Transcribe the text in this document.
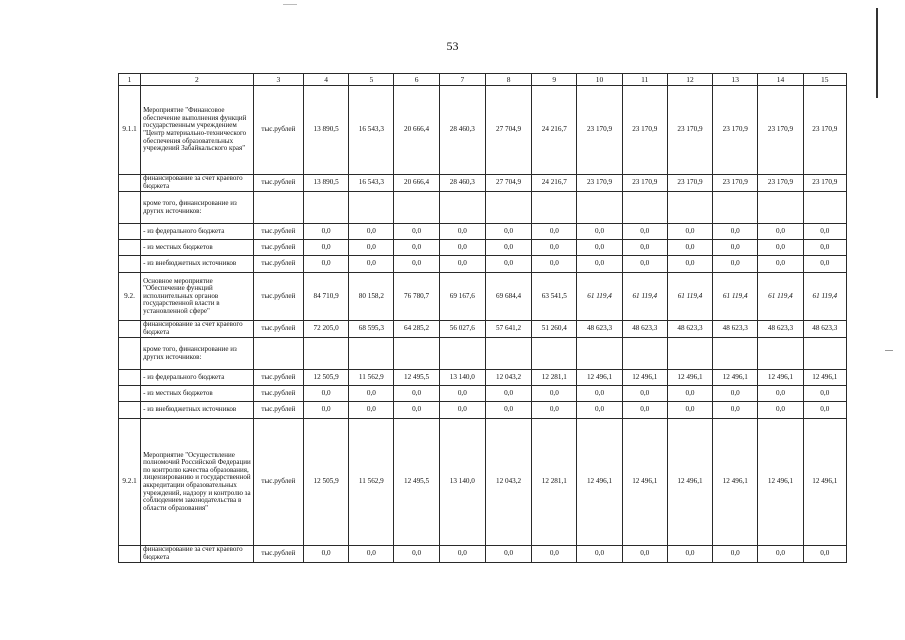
53
1	2	3	4	5	6	7	8	9	10	11	12	13	14	15
9.1.1	Мероприятие "Финансовое обеспечение выполнения функций государственным учреждением "Центр материально-технического обеспечения образовательных учреждений Забайкальского края"	тыс.рублей	13 890,5	16 543,3	20 666,4	28 460,3	27 704,9	24 216,7	23 170,9	23 170,9	23 170,9	23 170,9	23 170,9	23 170,9
	финансирование за счет краевого бюджета	тыс.рублей	13 890,5	16 543,3	20 666,4	28 460,3	27 704,9	24 216,7	23 170,9	23 170,9	23 170,9	23 170,9	23 170,9	23 170,9
	кроме того, финансирование из других источников:													
	- из федерального бюджета	тыс.рублей	0,0	0,0	0,0	0,0	0,0	0,0	0,0	0,0	0,0	0,0	0,0	0,0
	- из местных бюджетов	тыс.рублей	0,0	0,0	0,0	0,0	0,0	0,0	0,0	0,0	0,0	0,0	0,0	0,0
	- из внебюджетных источников	тыс.рублей	0,0	0,0	0,0	0,0	0,0	0,0	0,0	0,0	0,0	0,0	0,0	0,0
9.2.	Основное мероприятие "Обеспечение функций исполнительных органов государственной власти в установленной сфере"	тыс.рублей	84 710,9	80 158,2	76 780,7	69 167,6	69 684,4	63 541,5	61 119,4	61 119,4	61 119,4	61 119,4	61 119,4	61 119,4
	финансирование за счет краевого бюджета	тыс.рублей	72 205,0	68 595,3	64 285,2	56 027,6	57 641,2	51 260,4	48 623,3	48 623,3	48 623,3	48 623,3	48 623,3	48 623,3
	кроме того, финансирование из других источников:													
	- из федерального бюджета	тыс.рублей	12 505,9	11 562,9	12 495,5	13 140,0	12 043,2	12 281,1	12 496,1	12 496,1	12 496,1	12 496,1	12 496,1	12 496,1
	- из местных бюджетов	тыс.рублей	0,0	0,0	0,0	0,0	0,0	0,0	0,0	0,0	0,0	0,0	0,0	0,0
	- из внебюджетных источников	тыс.рублей	0,0	0,0	0,0	0,0	0,0	0,0	0,0	0,0	0,0	0,0	0,0	0,0
9.2.1	Мероприятие "Осуществление полномочий Российской Федерации по контролю качества образования, лицензированию и государственной аккредитации образовательных учреждений, надзору и контролю за соблюдением законодательства в области образования"	тыс.рублей	12 505,9	11 562,9	12 495,5	13 140,0	12 043,2	12 281,1	12 496,1	12 496,1	12 496,1	12 496,1	12 496,1	12 496,1
	финансирование за счет краевого бюджета	тыс.рублей	0,0	0,0	0,0	0,0	0,0	0,0	0,0	0,0	0,0	0,0	0,0	0,0
